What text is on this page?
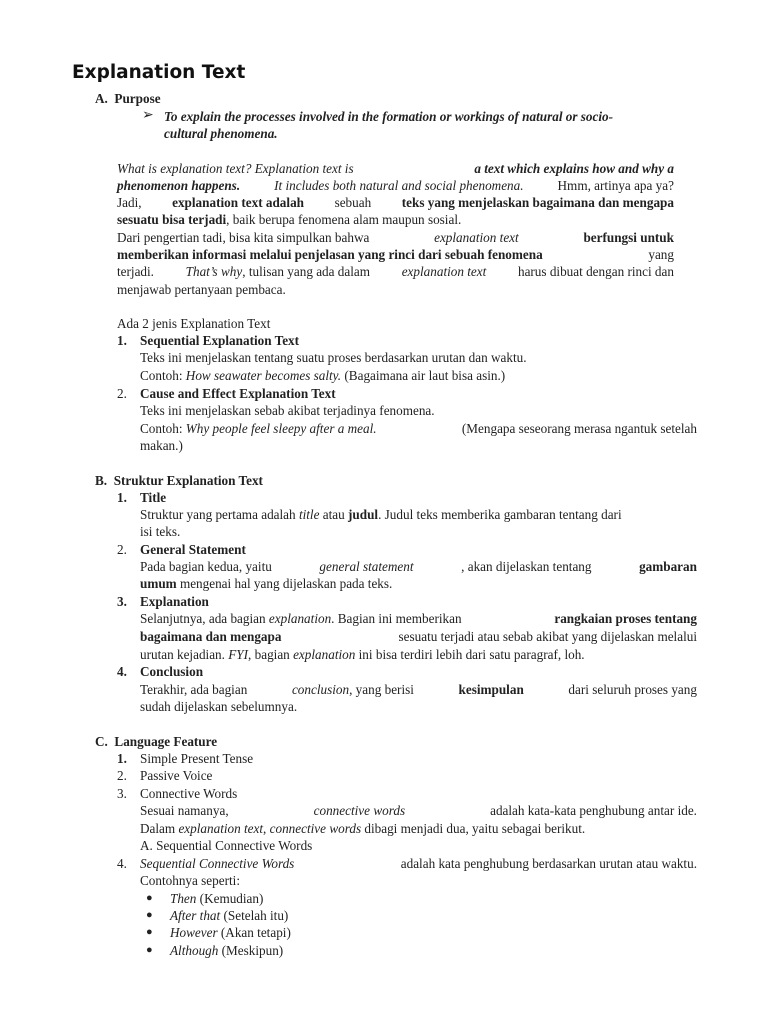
Explanation Text
A. Purpose
➢ To explain the processes involved in the formation or workings of natural or socio-
cultural phenomena.
What is explanation text? Explanation text is	a text which explains how and why a
phenomenon happens.	It includes both natural and social phenomena.	Hmm, artinya apa ya?
Jadi, explanation text adalah sebuah teks yang menjelaskan bagaimana dan mengapa
sesuatu bisa terjadi, baik berupa fenomena alam maupun sosial.
Dari pengertian tadi, bisa kita simpulkan bahwa	explanation text	berfungsi untuk
memberikan informasi melalui penjelasan yang rinci dari sebuah fenomena	yang
terjadi. That’s why, tulisan yang ada dalam explanation text harus dibuat dengan rinci dan
menjawab pertanyaan pembaca.
Ada 2 jenis Explanation Text
1. Sequential Explanation Text
Teks ini menjelaskan tentang suatu proses berdasarkan urutan dan waktu.
Contoh: How seawater becomes salty. (Bagaimana air laut bisa asin.)
2. Cause and Effect Explanation Text
Teks ini menjelaskan sebab akibat terjadinya fenomena.
Contoh: Why people feel sleepy after a meal.	(Mengapa seseorang merasa ngantuk setelah
makan.)
B. Struktur Explanation Text
1. Title
Struktur yang pertama adalah title atau judul. Judul teks memberika gambaran tentang dari
isi teks.
2. General Statement
Pada bagian kedua, yaitu	general statement	, akan dijelaskan tentang	gambaran
umum mengenai hal yang dijelaskan pada teks.
3. Explanation
Selanjutnya, ada bagian explanation. Bagian ini memberikan	rangkaian proses tentang
bagaimana dan mengapa	sesuatu terjadi atau sebab akibat yang dijelaskan melalui
urutan kejadian. FYI, bagian explanation ini bisa terdiri lebih dari satu paragraf, loh.
4. Conclusion
Terakhir, ada bagian	conclusion, yang berisi	kesimpulan	dari seluruh proses yang
sudah dijelaskan sebelumnya.
C. Language Feature
1. Simple Present Tense
2. Passive Voice
3. Connective Words
Sesuai namanya,	connective words	adalah kata-kata penghubung antar ide.
Dalam explanation text, connective words dibagi menjadi dua, yaitu sebagai berikut.
A. Sequential Connective Words
4. Sequential Connective Words	adalah kata penghubung berdasarkan urutan atau waktu.
Contohnya seperti:
● Then (Kemudian)
● After that (Setelah itu)
● However (Akan tetapi)
● Although (Meskipun)
